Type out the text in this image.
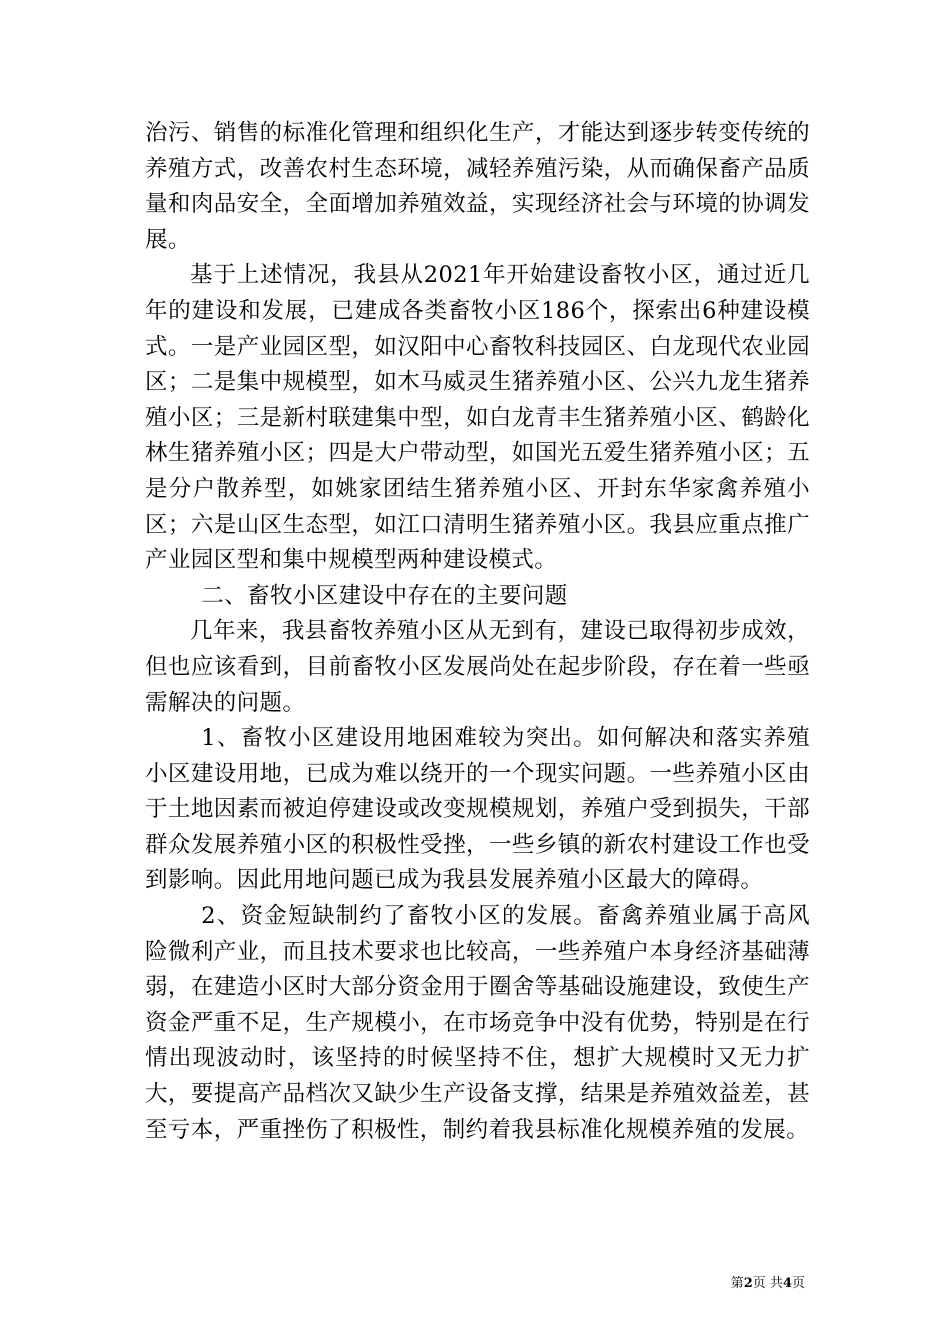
治污、销售的标准化管理和组织化生产，才能达到逐步转变传统的养殖方式，改善农村生态环境，减轻养殖污染，从而确保畜产品质量和肉品安全，全面增加养殖效益，实现经济社会与环境的协调发展。

基于上述情况，我县从2021年开始建设畜牧小区，通过近几年的建设和发展，已建成各类畜牧小区186个，探索出6种建设模式。一是产业园区型，如汉阳中心畜牧科技园区、白龙现代农业园区；二是集中规模型，如木马威灵生猪养殖小区、公兴九龙生猪养殖小区；三是新村联建集中型，如白龙青丰生猪养殖小区、鹤龄化林生猪养殖小区；四是大户带动型，如国光五爱生猪养殖小区；五是分户散养型，如姚家团结生猪养殖小区、开封东华家禽养殖小区；六是山区生态型，如江口清明生猪养殖小区。我县应重点推广产业园区型和集中规模型两种建设模式。

二、畜牧小区建设中存在的主要问题

几年来，我县畜牧养殖小区从无到有，建设已取得初步成效，但也应该看到，目前畜牧小区发展尚处在起步阶段，存在着一些亟需解决的问题。

1、畜牧小区建设用地困难较为突出。如何解决和落实养殖小区建设用地，已成为难以绕开的一个现实问题。一些养殖小区由于土地因素而被迫停建设或改变规模规划，养殖户受到损失，干部群众发展养殖小区的积极性受挫，一些乡镇的新农村建设工作也受到影响。因此用地问题已成为我县发展养殖小区最大的障碍。

2、资金短缺制约了畜牧小区的发展。畜禽养殖业属于高风险微利产业，而且技术要求也比较高，一些养殖户本身经济基础薄弱，在建造小区时大部分资金用于圈舍等基础设施建设，致使生产资金严重不足，生产规模小，在市场竞争中没有优势，特别是在行情出现波动时，该坚持的时候坚持不住，想扩大规模时又无力扩大，要提高产品档次又缺少生产设备支撑，结果是养殖效益差，甚至亏本，严重挫伤了积极性，制约着我县标准化规模养殖的发展。

第2页 共4页
